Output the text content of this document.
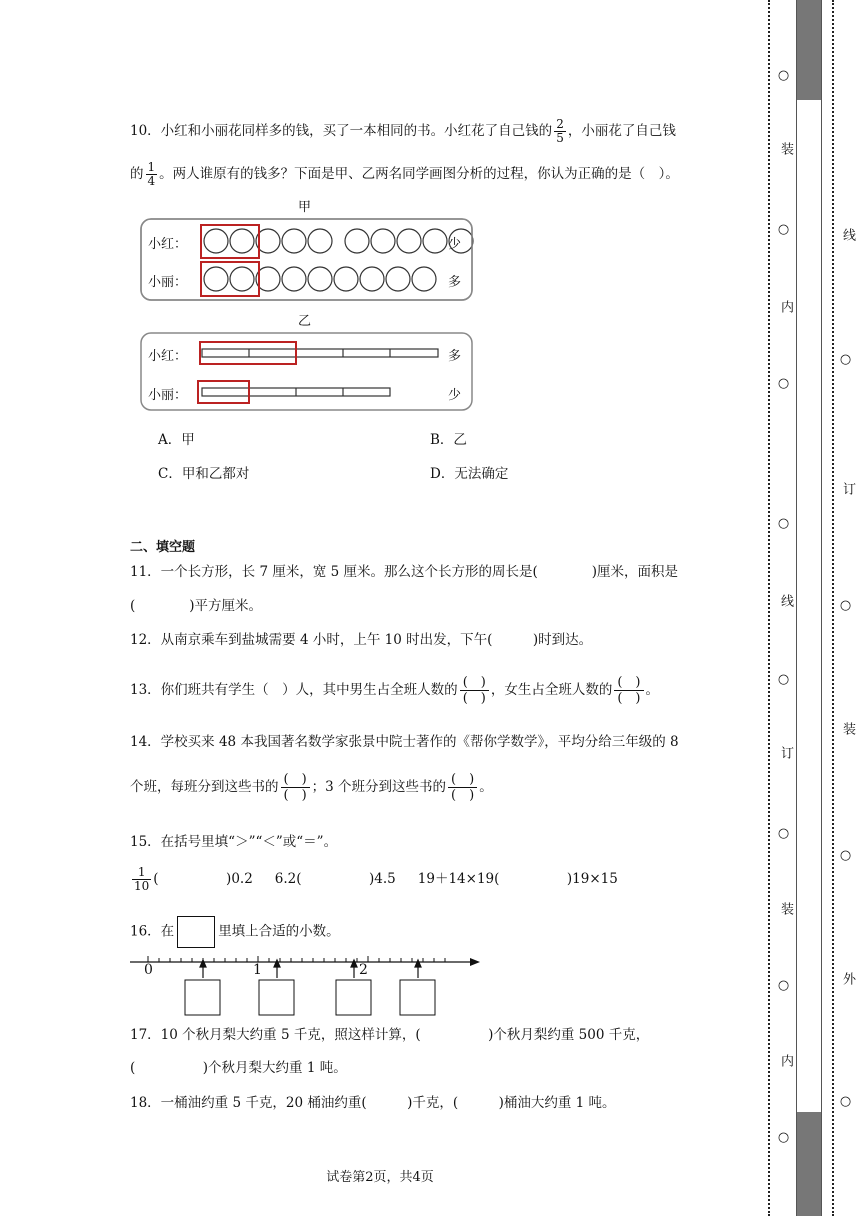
10．小红和小丽花同样多的钱，买了一本相同的书。小红花了自己钱的 $\frac{2}{5}$ ，小丽花了自己钱
的 $\frac{1}{4}$ 。两人谁原有的钱多？下面是甲、乙两名同学画图分析的过程，你认为正确的是（　）。
甲
小红：
小丽：
少
多
乙
小红：
小丽：
多
少
A．甲	B．乙
C．甲和乙都对	D．无法确定
二、填空题
11．一个长方形，长 7 厘米，宽 5 厘米。那么这个长方形的周长是(　　　　)厘米，面积是
(　　　　)平方厘米。
12．从南京乘车到盐城需要 4 小时，上午 10 时出发，下午(　　　)时到达。
13．你们班共有学生（　）人，其中男生占全班人数的 $\frac{( )}{( )}$ ，女生占全班人数的 $\frac{( )}{( )}$ 。
14．学校买来 48 本我国著名数学家张景中院士著作的《帮你学数学》，平均分给三年级的 8
个班，每班分到这些书的 $\frac{( )}{( )}$ ；3 个班分到这些书的 $\frac{( )}{( )}$ 。
15．在括号里填“＞”“＜”或“＝”。
$\frac{1}{10}$ (　　　　　)0.2 6.2(　　　　　)4.5 19＋14×19(　　　　　)19×15
16．在	里填上合适的小数。
0	1	2
17．10 个秋月梨大约重 5 千克，照这样计算，(　　　　　)个秋月梨约重 500 千克，
(　　　　　)个秋月梨大约重 1 吨。
18．一桶油约重 5 千克，20 桶油约重(　　　)千克，(　　　)桶油大约重 1 吨。
试卷第2页，共4页
○
装
○
内
○
○
线
○
订
○
装
○
内
○
线
○
订
○
装
○
外
○
